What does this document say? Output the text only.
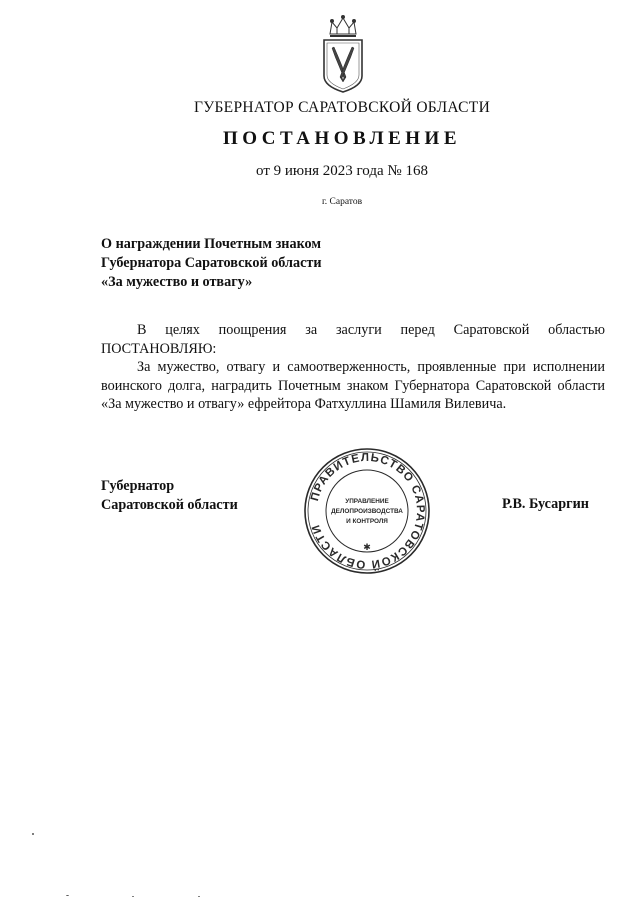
ГУБЕРНАТОР САРАТОВСКОЙ ОБЛАСТИ
ПОСТАНОВЛЕНИЕ
от 9 июня 2023 года № 168
г. Саратов
О награждении Почетным знаком
Губернатора Саратовской области
«За мужество и отвагу»

В целях поощрения за заслуги перед Саратовской областью ПОСТАНОВЛЯЮ:

За мужество, отвагу и самоотверженность, проявленные при исполнении воинского долга, наградить Почетным знаком Губернатора Саратовской области «За мужество и отвагу» ефрейтора Фатхуллина Шамиля Вилевича.

Губернатор
Саратовской области	Р.В. Бусаргин
ПРАВИТЕЛЬСТВО САРАТОВСКОЙ ОБЛАСТИ
УПРАВЛЕНИЕ
ДЕЛОПРОИЗВОДСТВА
И КОНТРОЛЯ
✱
